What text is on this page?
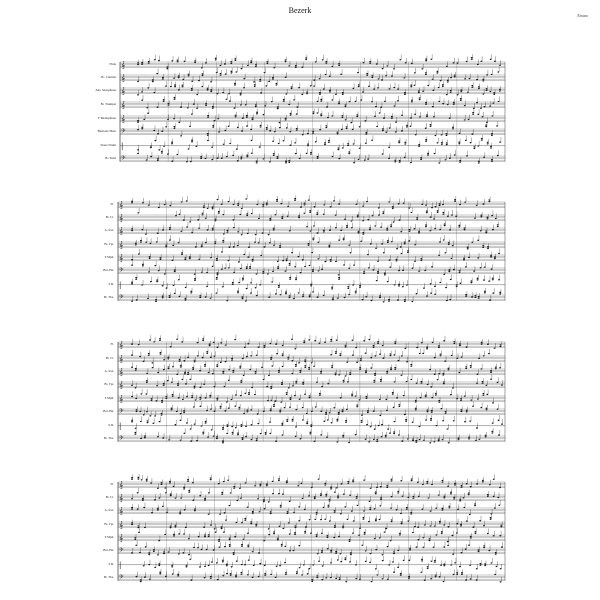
Bezerk
Eixaro
𝄞
𝄞
𝄞
𝄞
𝄞
𝄢
|
𝄢
𝄞
𝄞
𝄞
𝄞
𝄞
𝄢
|
𝄢
𝄞
𝄞
𝄞
𝄞
𝄞
𝄢
|
𝄢
𝄞
𝄞
𝄞
𝄞
𝄞
𝄢
|
𝄢
Flute
B♭ Clarinet
Alto Saxophone
B♭ Trumpet
F Mellophone
Baritone Horn
Snare Drum
B♭ Tuba
Fl.
B♭ Cl.
A. Sax.
B♭ Tpt.
F Mph.
Bar. Hn.
S.D.
B♭ Tba.
Fl.
B♭ Cl.
A. Sax.
B♭ Tpt.
F Mph.
Bar. Hn.
S.D.
B♭ Tba.
Fl.
B♭ Cl.
A. Sax.
B♭ Tpt.
F Mph.
Bar. Hn.
S.D.
B♭ Tba.
